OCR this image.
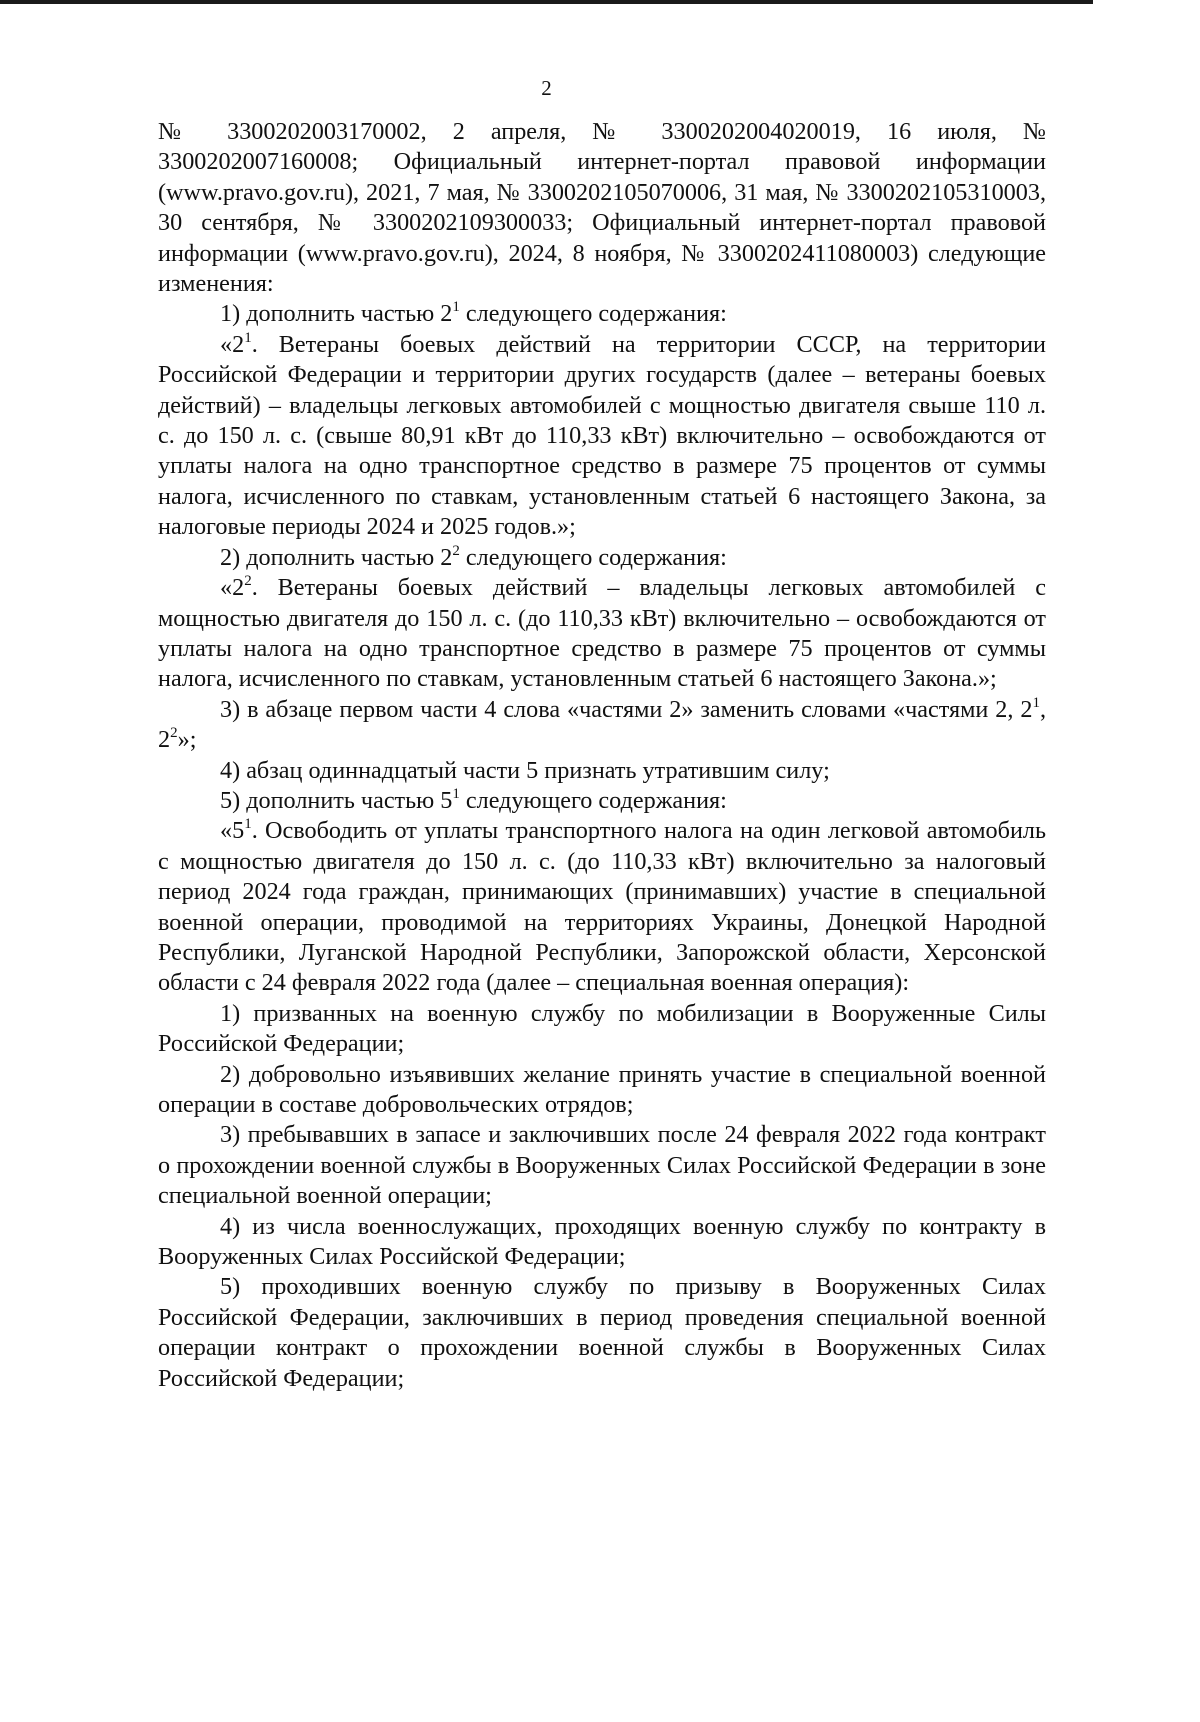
2

№ 3300202003170002, 2 апреля, № 3300202004020019, 16 июля, № 3300202007160008; Официальный интернет-портал правовой информации (www.pravo.gov.ru), 2021, 7 мая, № 3300202105070006, 31 мая, № 3300202105310003, 30 сентября, № 3300202109300033; Официальный интернет-портал правовой информации (www.pravo.gov.ru), 2024, 8 ноября, № 3300202411080003) следующие изменения:

1) дополнить частью $2^1$ следующего содержания:

«$2^1$. Ветераны боевых действий на территории СССР, на территории Российской Федерации и территории других государств (далее – ветераны боевых действий) – владельцы легковых автомобилей с мощностью двигателя свыше 110 л. с. до 150 л. с. (свыше 80,91 кВт до 110,33 кВт) включительно – освобождаются от уплаты налога на одно транспортное средство в размере 75 процентов от суммы налога, исчисленного по ставкам, установленным статьей 6 настоящего Закона, за налоговые периоды 2024 и 2025 годов.»;

2) дополнить частью $2^2$ следующего содержания:

«$2^2$. Ветераны боевых действий – владельцы легковых автомобилей с мощностью двигателя до 150 л. с. (до 110,33 кВт) включительно – освобождаются от уплаты налога на одно транспортное средство в размере 75 процентов от суммы налога, исчисленного по ставкам, установленным статьей 6 настоящего Закона.»;

3) в абзаце первом части 4 слова «частями 2» заменить словами «частями 2, $2^1$, $2^2$»;

4) абзац одиннадцатый части 5 признать утратившим силу;

5) дополнить частью $5^1$ следующего содержания:

«$5^1$. Освободить от уплаты транспортного налога на один легковой автомобиль с мощностью двигателя до 150 л. с. (до 110,33 кВт) включительно за налоговый период 2024 года граждан, принимающих (принимавших) участие в специальной военной операции, проводимой на территориях Украины, Донецкой Народной Республики, Луганской Народной Республики, Запорожской области, Херсонской области с 24 февраля 2022 года (далее – специальная военная операция):

1) призванных на военную службу по мобилизации в Вооруженные Силы Российской Федерации;

2) добровольно изъявивших желание принять участие в специальной военной операции в составе добровольческих отрядов;

3) пребывавших в запасе и заключивших после 24 февраля 2022 года контракт о прохождении военной службы в Вооруженных Силах Российской Федерации в зоне специальной военной операции;

4) из числа военнослужащих, проходящих военную службу по контракту в Вооруженных Силах Российской Федерации;

5) проходивших военную службу по призыву в Вооруженных Силах Российской Федерации, заключивших в период проведения специальной военной операции контракт о прохождении военной службы в Вооруженных Силах Российской Федерации;
